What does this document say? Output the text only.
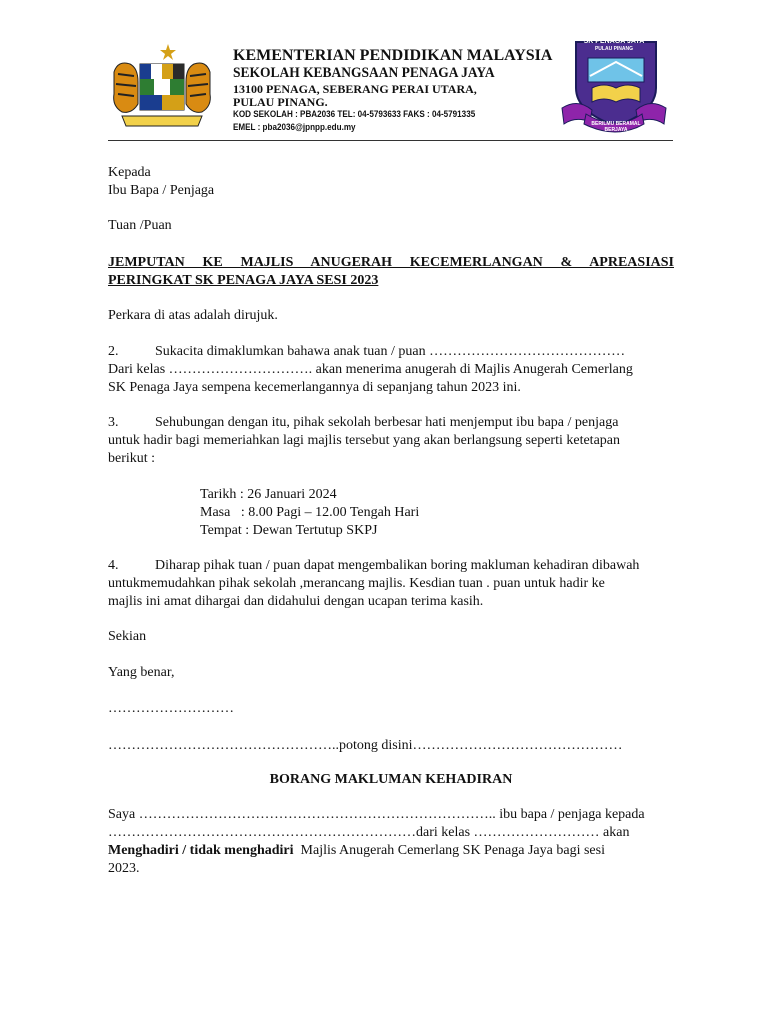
KEMENTERIAN PENDIDIKAN MALAYSIA
SEKOLAH KEBANGSAAN PENAGA JAYA
13100 PENAGA, SEBERANG PERAI UTARA,
PULAU PINANG.
KOD SEKOLAH : PBA2036 TEL: 04-5793633 FAKS : 04-5791335
EMEL : pba2036@jpnpp.edu.my
SK PENAGA JAYA
PULAU PINANG
BERILMU BERAMAL BERJAYA
Kepada
Ibu Bapa / Penjaga
Tuan /Puan
JEMPUTAN KE MAJLIS ANUGERAH KECEMERLANGAN & APREASIASI
PERINGKAT SK PENAGA JAYA SESI 2023
Perkara di atas adalah dirujuk.
2.	Sukacita dimaklumkan bahawa anak tuan / puan ……………………………………
Dari kelas …………………………. akan menerima anugerah di Majlis Anugerah Cemerlang
SK Penaga Jaya sempena kecemerlangannya di sepanjang tahun 2023 ini.
3.	Sehubungan dengan itu, pihak sekolah berbesar hati menjemput ibu bapa / penjaga
untuk hadir bagi memeriahkan lagi majlis tersebut yang akan berlangsung seperti ketetapan
berikut :
Tarikh : 26 Januari 2024
Masa   : 8.00 Pagi – 12.00 Tengah Hari
Tempat : Dewan Tertutup SKPJ
4.	Diharap pihak tuan / puan dapat mengembalikan boring makluman kehadiran dibawah
untukmemudahkan pihak sekolah ,merancang majlis. Kesdian tuan . puan untuk hadir ke
majlis ini amat dihargai dan didahului dengan ucapan terima kasih.
Sekian
Yang benar,
………………………
…………………………………………..potong disini………………………………………
BORANG MAKLUMAN KEHADIRAN
Saya ………………………………………………………………….. ibu bapa / penjaga kepada
…………………………………………………………dari kelas ……………………… akan
Menghadiri / tidak menghadiri  Majlis Anugerah Cemerlang SK Penaga Jaya bagi sesi
2023.
